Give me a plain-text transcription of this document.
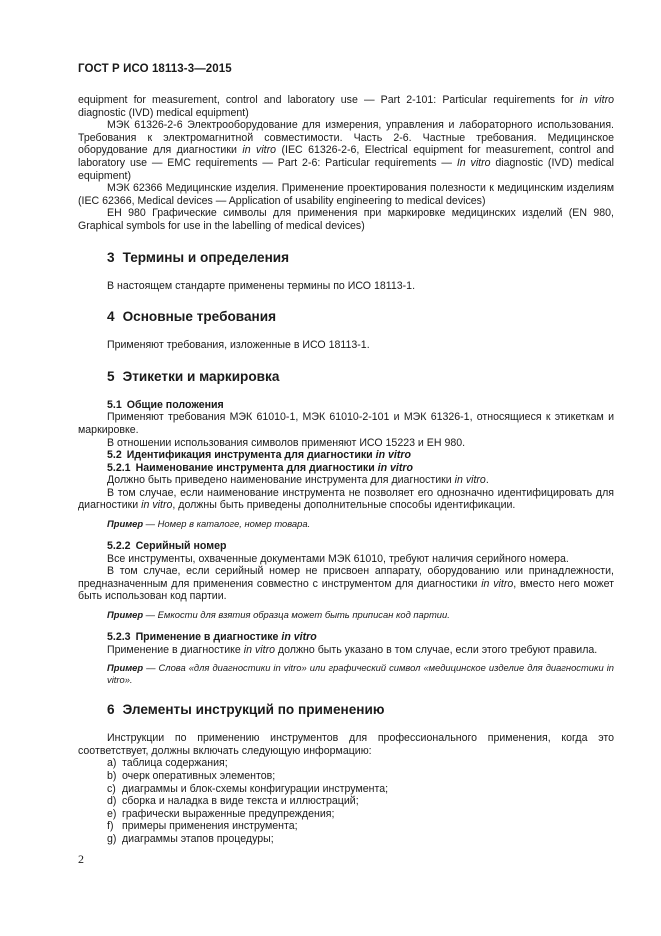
ГОСТ Р ИСО 18113-3—2015

equipment for measurement, control and laboratory use — Part 2-101: Particular requirements for in vitro diagnostic (IVD) medical equipment)

МЭК 61326-2-6 Электрооборудование для измерения, управления и лабораторного использования. Требования к электромагнитной совместимости. Часть 2-6. Частные требования. Медицинское оборудование для диагностики in vitro (IEC 61326-2-6, Electrical equipment for measurement, control and laboratory use — EMC requirements — Part 2-6: Particular requirements — In vitro diagnostic (IVD) medical equipment)

МЭК 62366 Медицинские изделия. Применение проектирования полезности к медицинским изделиям (IEC 62366, Medical devices — Application of usability engineering to medical devices)

ЕН 980 Графические символы для применения при маркировке медицинских изделий (EN 980, Graphical symbols for use in the labelling of medical devices)

3 Термины и определения

В настоящем стандарте применены термины по ИСО 18113-1.

4 Основные требования

Применяют требования, изложенные в ИСО 18113-1.

5 Этикетки и маркировка

5.1 Общие положения

Применяют требования МЭК 61010-1, МЭК 61010-2-101 и МЭК 61326-1, относящиеся к этикеткам и маркировке.

В отношении использования символов применяют ИСО 15223 и ЕН 980.

5.2 Идентификация инструмента для диагностики in vitro

5.2.1 Наименование инструмента для диагностики in vitro

Должно быть приведено наименование инструмента для диагностики in vitro.

В том случае, если наименование инструмента не позволяет его однозначно идентифицировать для диагностики in vitro, должны быть приведены дополнительные способы идентификации.

Пример — Номер в каталоге, номер товара.

5.2.2 Серийный номер

Все инструменты, охваченные документами МЭК 61010, требуют наличия серийного номера.

В том случае, если серийный номер не присвоен аппарату, оборудованию или принадлежности, предназначенным для применения совместно с инструментом для диагностики in vitro, вместо него может быть использован код партии.

Пример — Емкости для взятия образца может быть приписан код партии.

5.2.3 Применение в диагностике in vitro

Применение в диагностике in vitro должно быть указано в том случае, если этого требуют правила.

Пример — Слова «для диагностики in vitro» или графический символ «медицинское изделие для диагностики in vitro».

6 Элементы инструкций по применению

Инструкции по применению инструментов для профессионального применения, когда это соответствует, должны включать следующую информацию:

a) таблица содержания;
b) очерк оперативных элементов;
c) диаграммы и блок-схемы конфигурации инструмента;
d) сборка и наладка в виде текста и иллюстраций;
e) графически выраженные предупреждения;
f) примеры применения инструмента;
g) диаграммы этапов процедуры;
2
